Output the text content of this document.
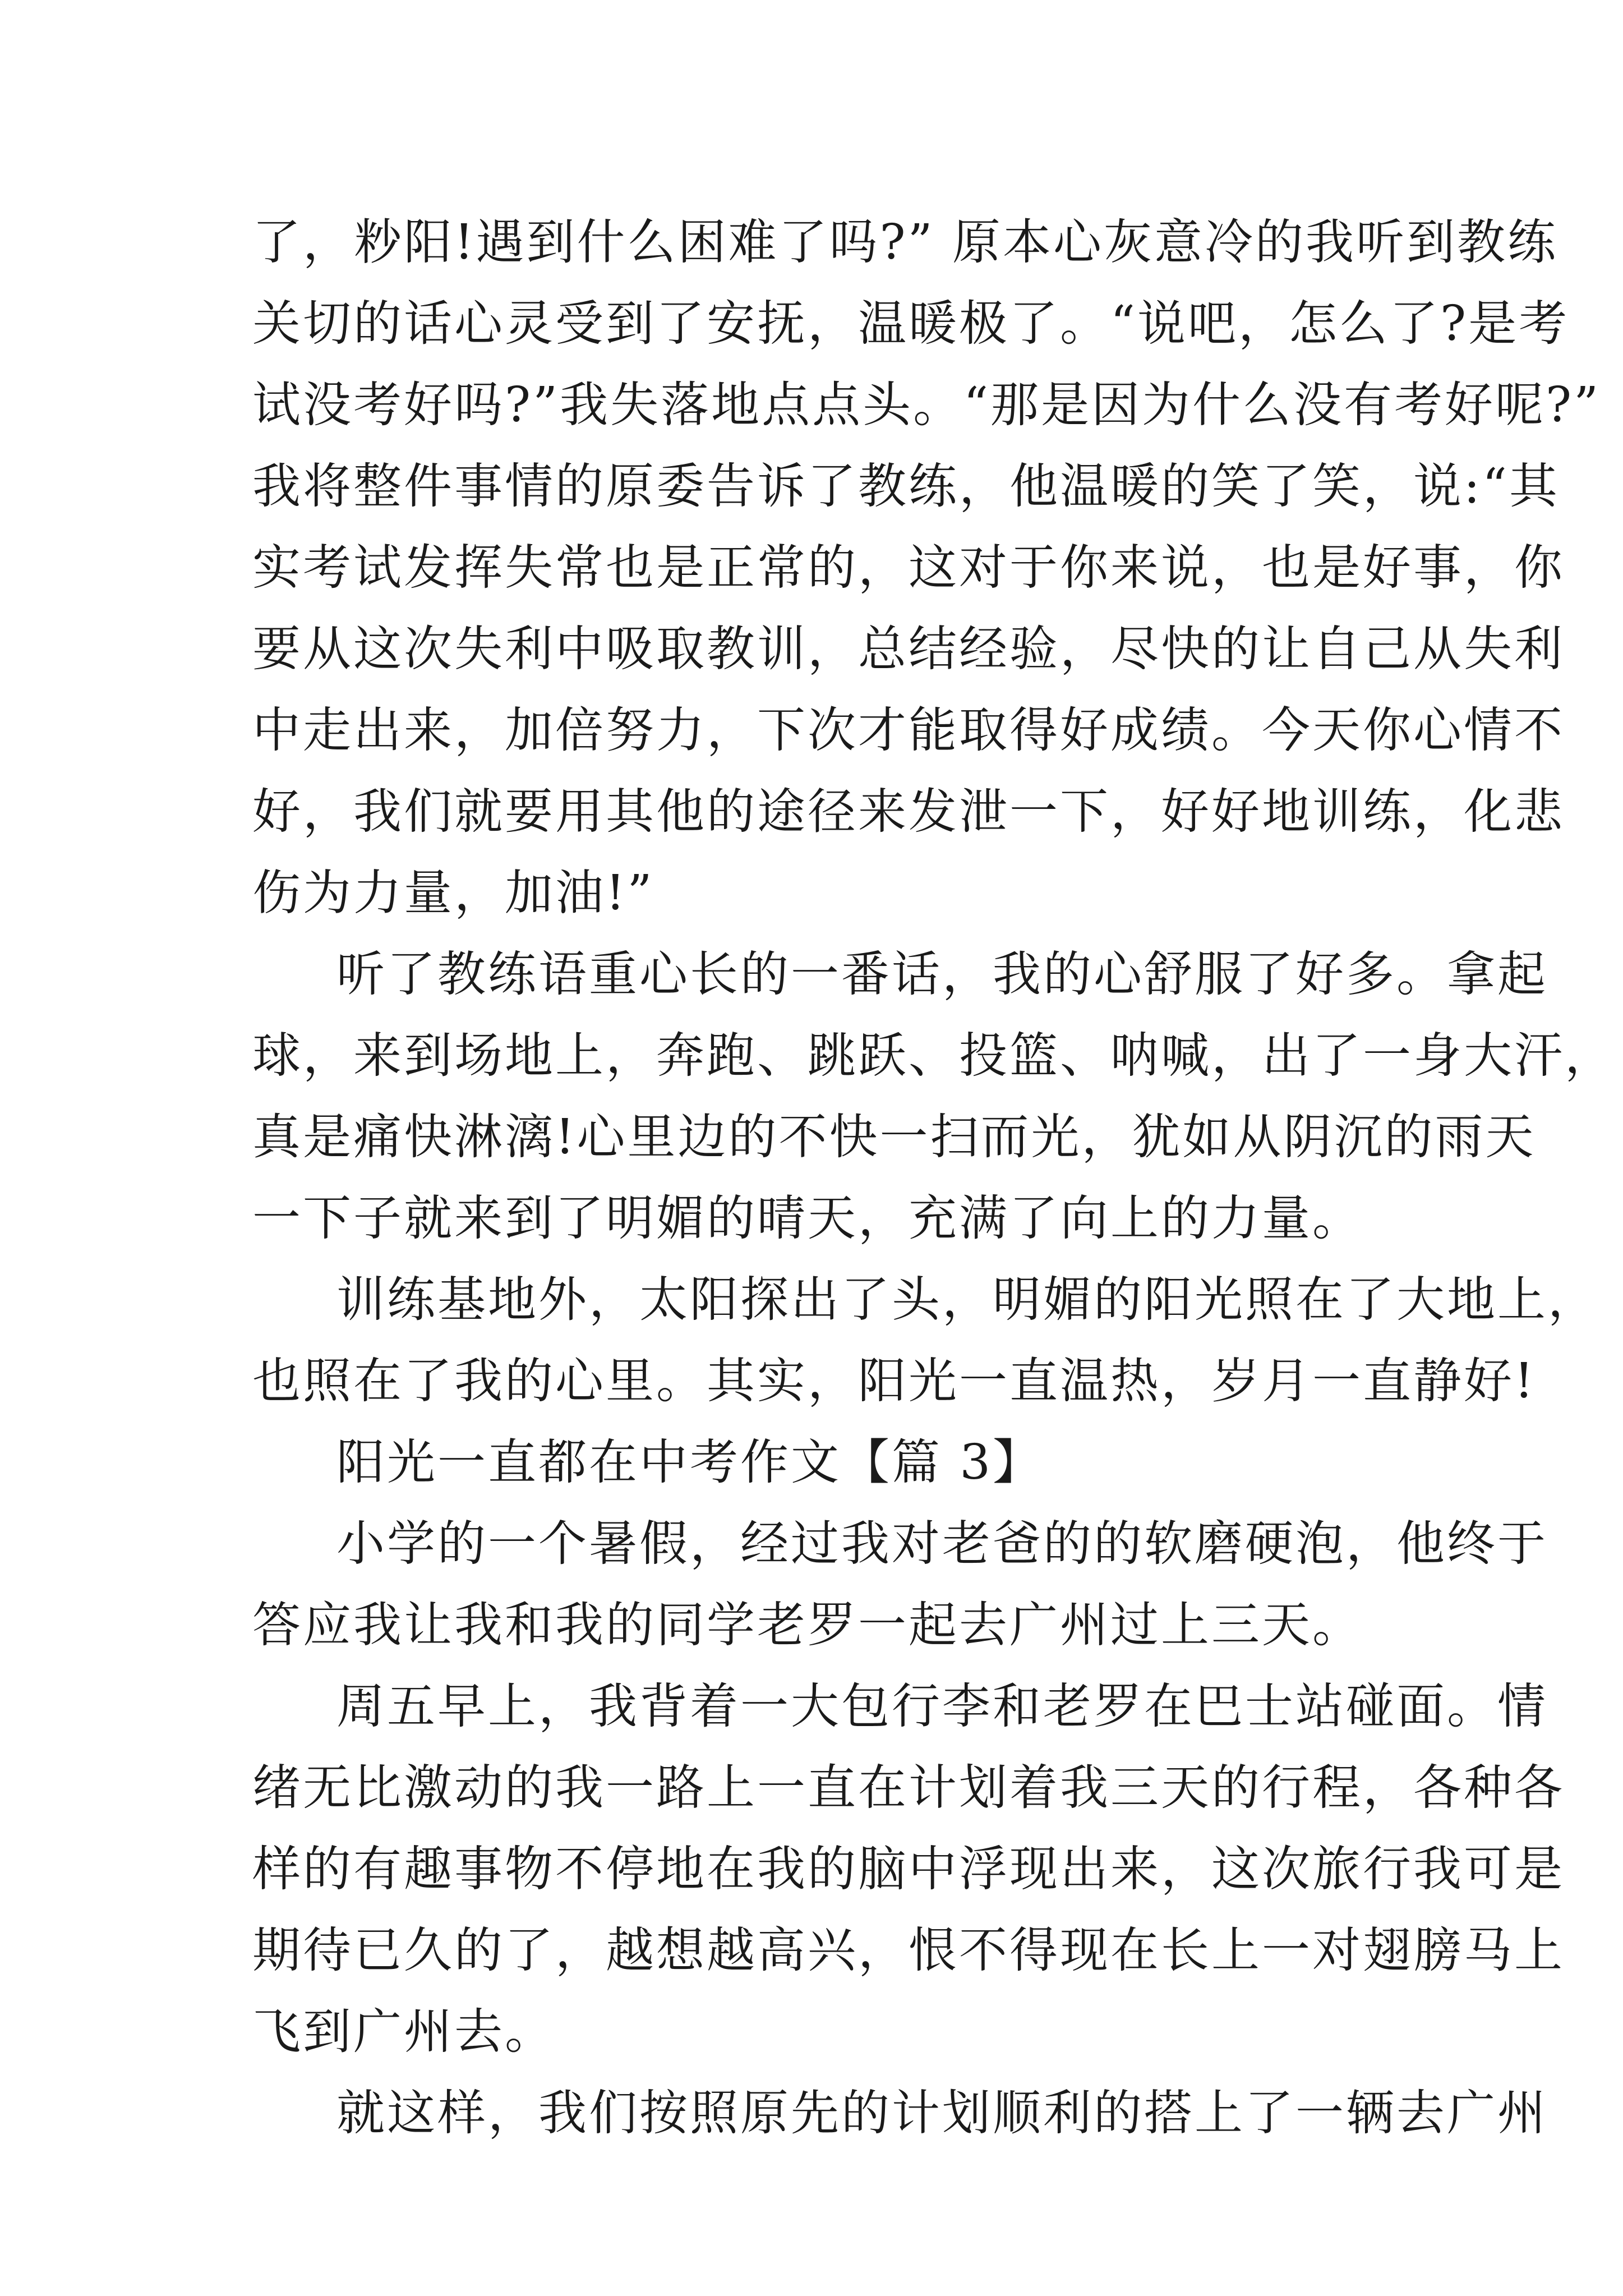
了，粆阳!遇到什么困难了吗?” 原本心灰意冷的我听到教练
关切的话心灵受到了安抚，温暖极了。“说吧，怎么了?是考
试没考好吗?”我失落地点点头。“那是因为什么没有考好呢?”
我将整件事情的原委告诉了教练，他温暖的笑了笑，说:“其
实考试发挥失常也是正常的，这对于你来说，也是好事，你
要从这次失利中吸取教训，总结经验，尽快的让自己从失利
中走出来，加倍努力，下次才能取得好成绩。今天你心情不
好，我们就要用其他的途径来发泄一下，好好地训练，化悲
伤为力量，加油!”
听了教练语重心长的一番话，我的心舒服了好多。拿起
球，来到场地上，奔跑、跳跃、投篮、呐喊，出了一身大汗，
真是痛快淋漓!心里边的不快一扫而光，犹如从阴沉的雨天
一下子就来到了明媚的晴天，充满了向上的力量。
训练基地外，太阳探出了头，明媚的阳光照在了大地上，
也照在了我的心里。其实，阳光一直温热，岁月一直静好!
阳光一直都在中考作文【篇 3】
小学的一个暑假，经过我对老爸的的软磨硬泡，他终于
答应我让我和我的同学老罗一起去广州过上三天。
周五早上，我背着一大包行李和老罗在巴士站碰面。情
绪无比激动的我一路上一直在计划着我三天的行程，各种各
样的有趣事物不停地在我的脑中浮现出来，这次旅行我可是
期待已久的了，越想越高兴，恨不得现在长上一对翅膀马上
飞到广州去。
就这样，我们按照原先的计划顺利的搭上了一辆去广州
